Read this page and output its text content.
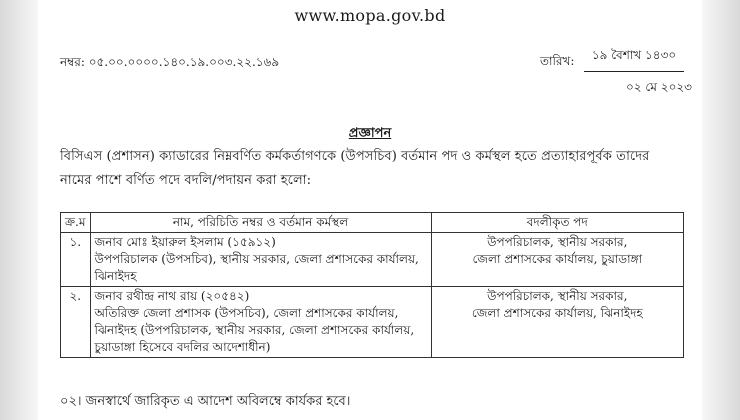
www.mopa.gov.bd
নম্বর: ০৫.০০.০০০০.১৪০.১৯.০০৩.২২.১৬৯	তারিখ:	১৯ বৈশাখ ১৪৩০
০২ মে ২০২৩
প্রজ্ঞাপন
বিসিএস (প্রশাসন) ক্যাডারের নিম্নবর্ণিত কর্মকর্তাগণকে (উপসচিব) বর্তমান পদ ও কর্মস্থল হতে প্রত্যাহারপূর্বক তাদের নামের পাশে বর্ণিত পদে বদলি/পদায়ন করা হলো:
ক্র.ম	নাম, পরিচিতি নম্বর ও বর্তমান কর্মস্থল	বদলীকৃত পদ
১.	জনাব মোঃ ইয়ারুল ইসলাম (১৫৯১২)
উপপরিচালক (উপসচিব), স্থানীয় সরকার, জেলা প্রশাসকের কার্যালয়,
ঝিনাইদহ	উপপরিচালক, স্থানীয় সরকার,
জেলা প্রশাসকের কার্যালয়, চুয়াডাঙ্গা

২.	জনাব রথীন্দ্র নাথ রায় (২০৫৪২)
অতিরিক্ত জেলা প্রশাসক (উপসচিব), জেলা প্রশাসকের কার্যালয়,
ঝিনাইদহ (উপপরিচালক, স্থানীয় সরকার, জেলা প্রশাসকের কার্যালয়,
চুয়াডাঙ্গা হিসেবে বদলির আদেশাধীন)	উপপরিচালক, স্থানীয় সরকার,
জেলা প্রশাসকের কার্যালয়, ঝিনাইদহ
০২। জনস্বার্থে জারিকৃত এ আদেশ অবিলম্বে কার্যকর হবে।
